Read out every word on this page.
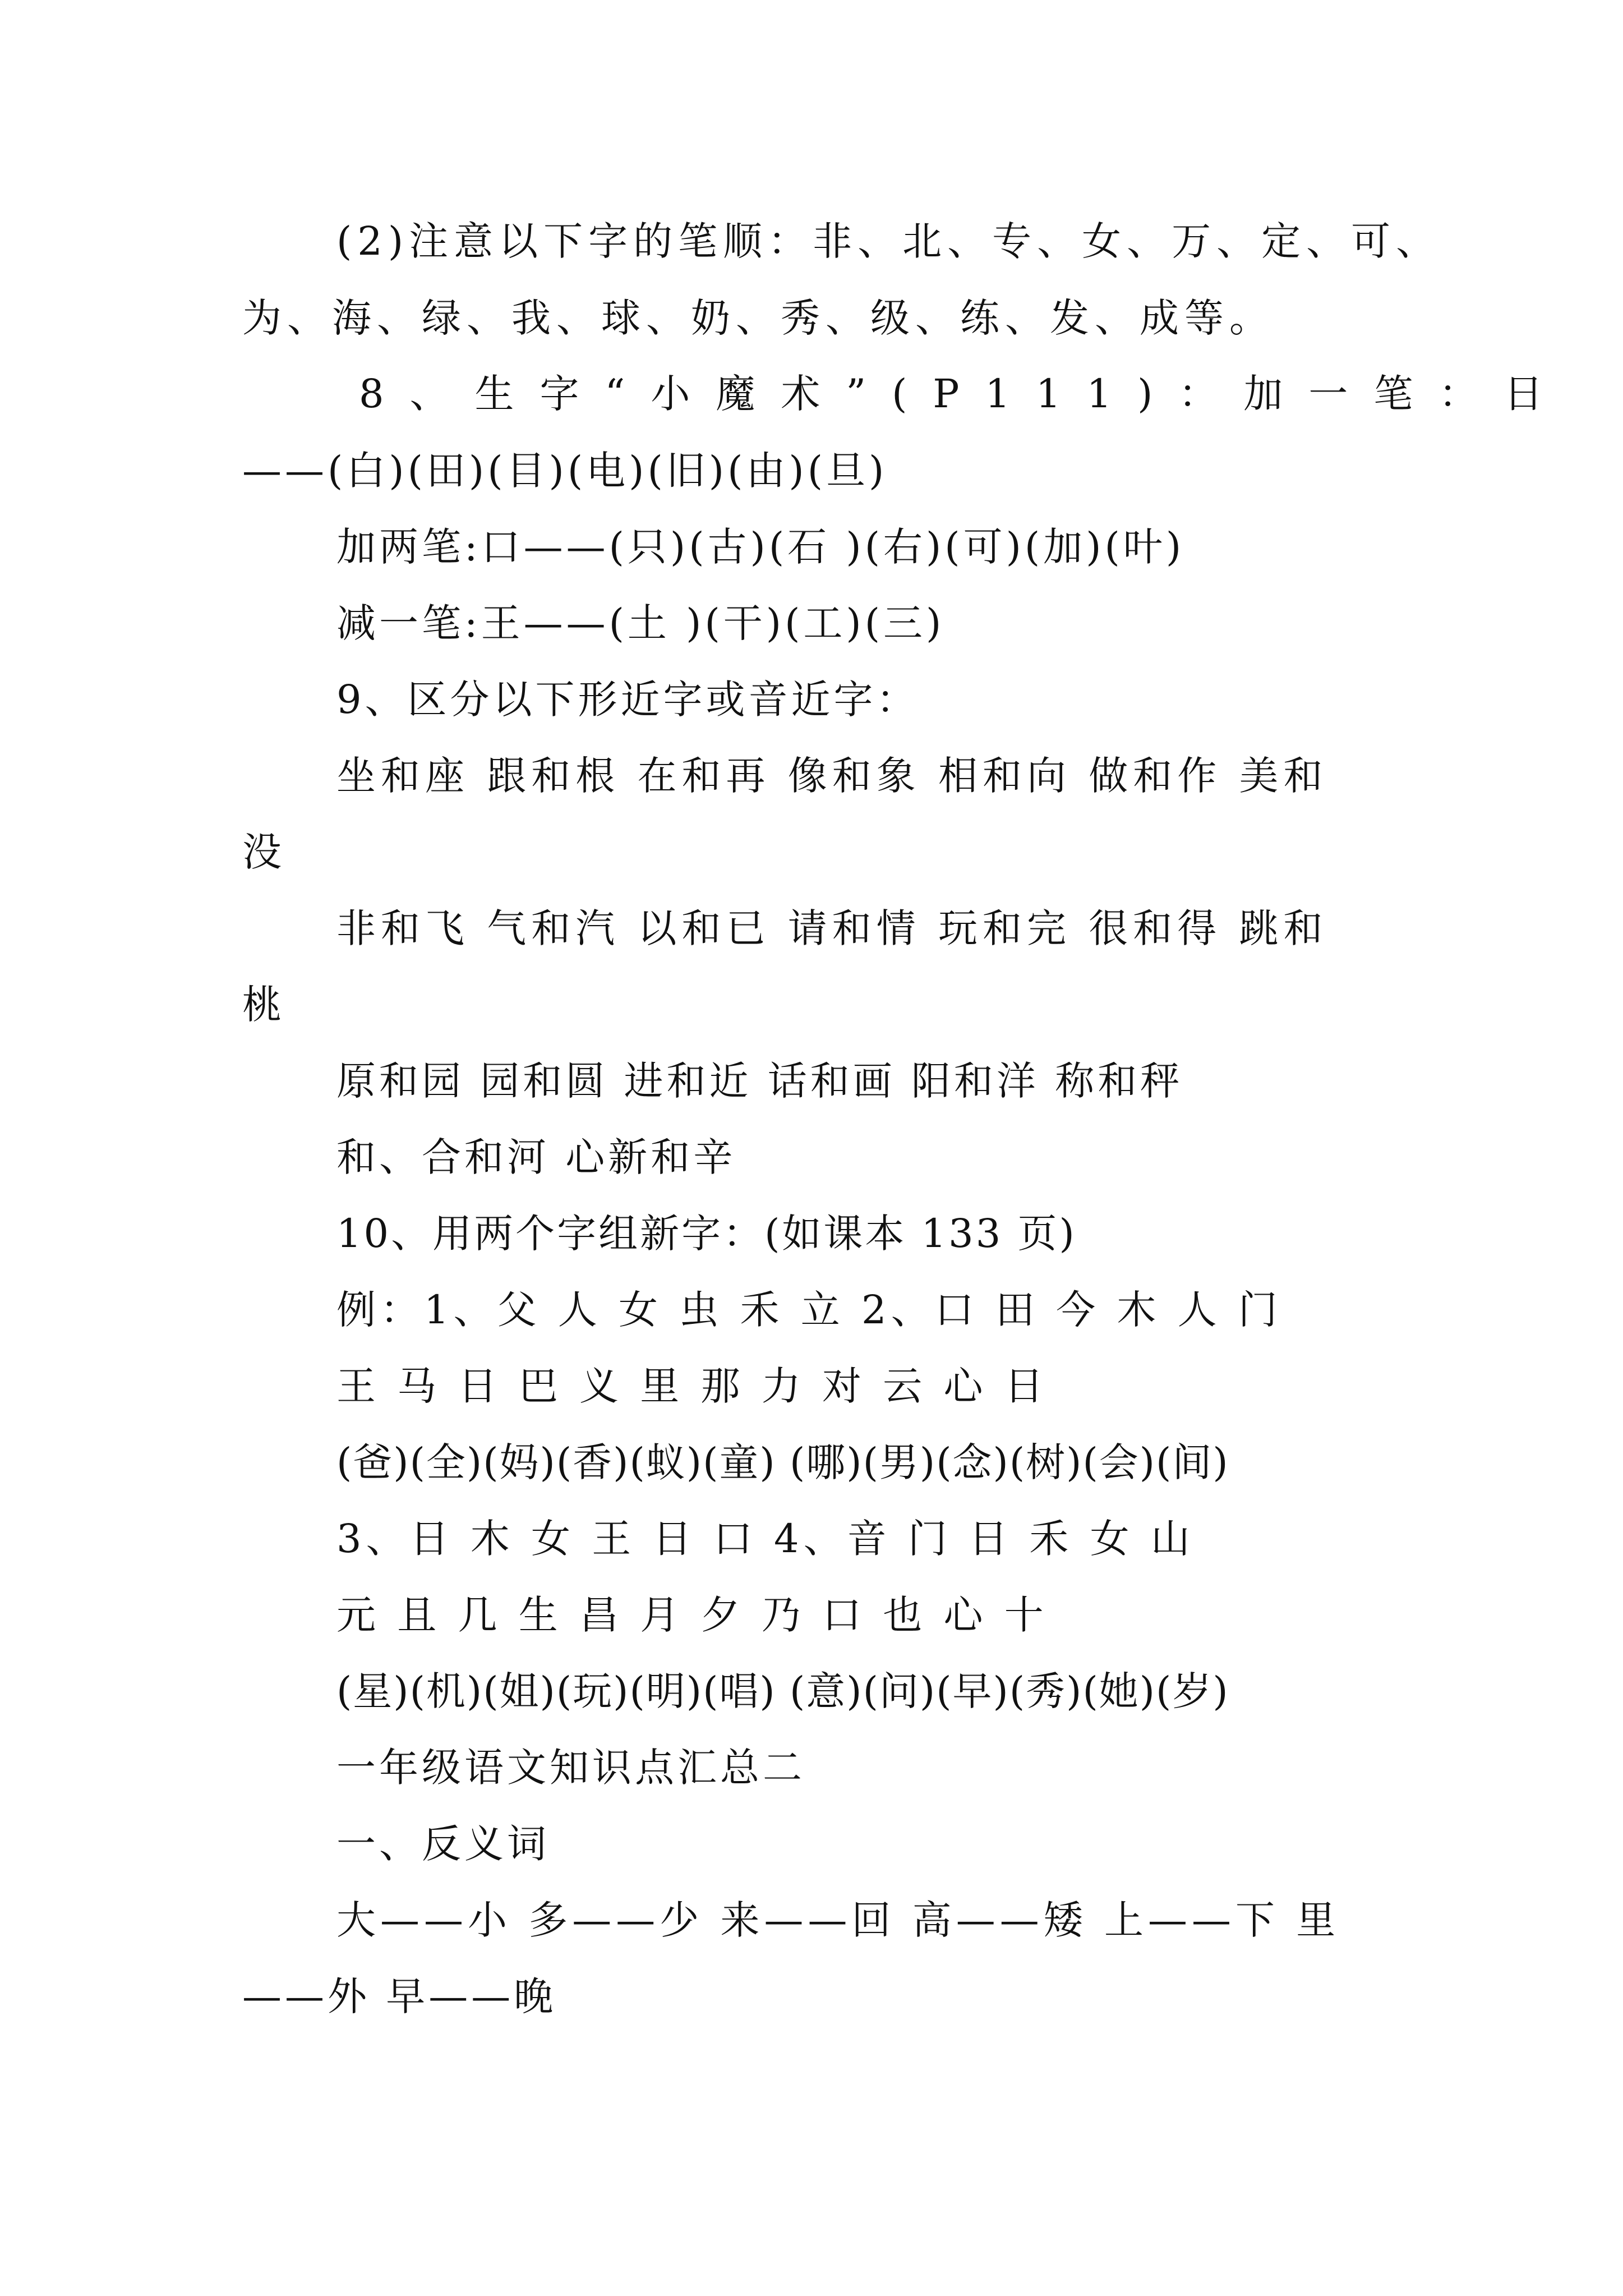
(2)注意以下字的笔顺：非、北、专、女、万、定、可、
为、海、绿、我、球、奶、秀、级、练、发、成等。
8、生字“小魔术”(P111)：加一笔：日
——(白)(田)(目)(电)(旧)(由)(旦)
加两笔:口——(只)(古)(石 )(右)(可)(加)(叶)
减一笔:王——(土 )(干)(工)(三)
9、区分以下形近字或音近字：
坐和座 跟和根 在和再 像和象 相和向 做和作 美和
没
非和飞 气和汽 以和已 请和情 玩和完 很和得 跳和
桃
原和园 园和圆 进和近 话和画 阳和洋 称和秤
和、合和河 心新和辛
10、用两个字组新字：(如课本 133 页)
例：1、父 人 女 虫 禾 立 2、口 田 今 木 人 门
王 马 日 巴 义 里 那 力 对 云 心 日
(爸)(全)(妈)(香)(蚁)(童) (哪)(男)(念)(树)(会)(间)
3、日 木 女 王 日 口 4、音 门 日 禾 女 山
元 且 几 生 昌 月 夕 乃 口 也 心 十
(星)(机)(姐)(玩)(明)(唱) (意)(问)(早)(秀)(她)(岁)
一年级语文知识点汇总二
一、反义词
大——小 多——少 来——回 高——矮 上——下 里
——外 早——晚
